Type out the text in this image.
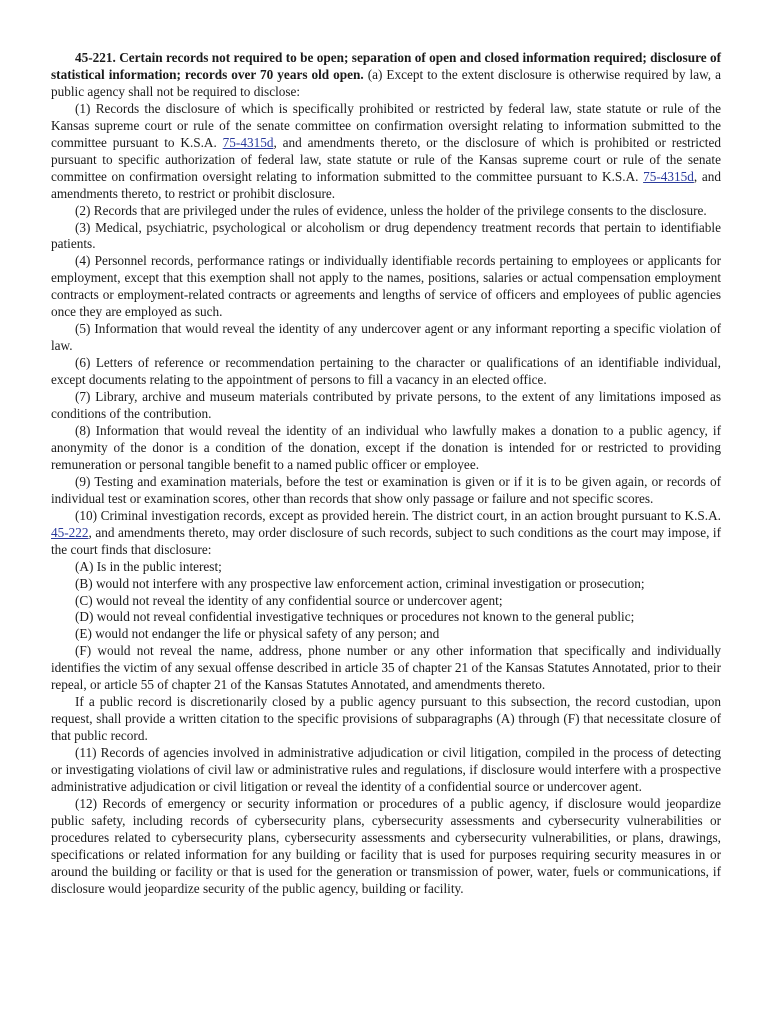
45-221. Certain records not required to be open; separation of open and closed information required; disclosure of statistical information; records over 70 years old open. (a) Except to the extent disclosure is otherwise required by law, a public agency shall not be required to disclose:

(1) Records the disclosure of which is specifically prohibited or restricted by federal law, state statute or rule of the Kansas supreme court or rule of the senate committee on confirmation oversight relating to information submitted to the committee pursuant to K.S.A. 75-4315d, and amendments thereto, or the disclosure of which is prohibited or restricted pursuant to specific authorization of federal law, state statute or rule of the Kansas supreme court or rule of the senate committee on confirmation oversight relating to information submitted to the committee pursuant to K.S.A. 75-4315d, and amendments thereto, to restrict or prohibit disclosure.

(2) Records that are privileged under the rules of evidence, unless the holder of the privilege consents to the disclosure.

(3) Medical, psychiatric, psychological or alcoholism or drug dependency treatment records that pertain to identifiable patients.

(4) Personnel records, performance ratings or individually identifiable records pertaining to employees or applicants for employment, except that this exemption shall not apply to the names, positions, salaries or actual compensation employment contracts or employment-related contracts or agreements and lengths of service of officers and employees of public agencies once they are employed as such.

(5) Information that would reveal the identity of any undercover agent or any informant reporting a specific violation of law.

(6) Letters of reference or recommendation pertaining to the character or qualifications of an identifiable individual, except documents relating to the appointment of persons to fill a vacancy in an elected office.

(7) Library, archive and museum materials contributed by private persons, to the extent of any limitations imposed as conditions of the contribution.

(8) Information that would reveal the identity of an individual who lawfully makes a donation to a public agency, if anonymity of the donor is a condition of the donation, except if the donation is intended for or restricted to providing remuneration or personal tangible benefit to a named public officer or employee.

(9) Testing and examination materials, before the test or examination is given or if it is to be given again, or records of individual test or examination scores, other than records that show only passage or failure and not specific scores.

(10) Criminal investigation records, except as provided herein. The district court, in an action brought pursuant to K.S.A. 45-222, and amendments thereto, may order disclosure of such records, subject to such conditions as the court may impose, if the court finds that disclosure:

(A) Is in the public interest;

(B) would not interfere with any prospective law enforcement action, criminal investigation or prosecution;

(C) would not reveal the identity of any confidential source or undercover agent;

(D) would not reveal confidential investigative techniques or procedures not known to the general public;

(E) would not endanger the life or physical safety of any person; and

(F) would not reveal the name, address, phone number or any other information that specifically and individually identifies the victim of any sexual offense described in article 35 of chapter 21 of the Kansas Statutes Annotated, prior to their repeal, or article 55 of chapter 21 of the Kansas Statutes Annotated, and amendments thereto.

If a public record is discretionarily closed by a public agency pursuant to this subsection, the record custodian, upon request, shall provide a written citation to the specific provisions of subparagraphs (A) through (F) that necessitate closure of that public record.

(11) Records of agencies involved in administrative adjudication or civil litigation, compiled in the process of detecting or investigating violations of civil law or administrative rules and regulations, if disclosure would interfere with a prospective administrative adjudication or civil litigation or reveal the identity of a confidential source or undercover agent.

(12) Records of emergency or security information or procedures of a public agency, if disclosure would jeopardize public safety, including records of cybersecurity plans, cybersecurity assessments and cybersecurity vulnerabilities or procedures related to cybersecurity plans, cybersecurity assessments and cybersecurity vulnerabilities, or plans, drawings, specifications or related information for any building or facility that is used for purposes requiring security measures in or around the building or facility or that is used for the generation or transmission of power, water, fuels or communications, if disclosure would jeopardize security of the public agency, building or facility.
